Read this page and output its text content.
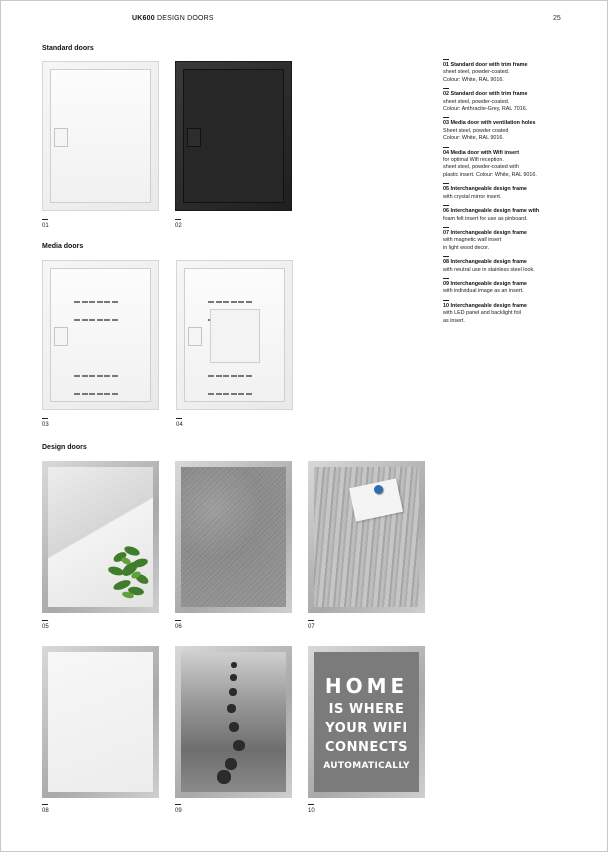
UK600 DESIGN DOORS	25
Standard doors
01	02
Media doors

03

	04
Design doors
05	06	07
08	09
HOME
IS WHERE
YOUR WIFI
CONNECTS
AUTOMATICALLY
10
01 Standard door with trim frame
sheet steel, powder-coated.
Colour: White, RAL 9016.
02 Standard door with trim frame
sheet steel, powder-coated.
Colour: Anthracite-Grey, RAL 7016.
03 Media door with ventilation holes
Sheet steel, powder coated
Colour: White, RAL 9016.
04 Media door with Wifi insert
for optimal Wifi reception.
sheet steel, powder-coated with
plastic insert. Colour: White, RAL 9016.
05 Interchangeable design frame
with crystal mirror insert.
06 Interchangeable design frame with
foam felt insert for use as pinboard.
07 Interchangeable design frame
with magnetic wall insert
in light wood decor.
08 Interchangeable design frame
with neutral use in stainless steel look.
09 Interchangeable design frame
with individual image as an insert.
10 Interchangeable design frame
with LED panel and backlight foil
as insert.
